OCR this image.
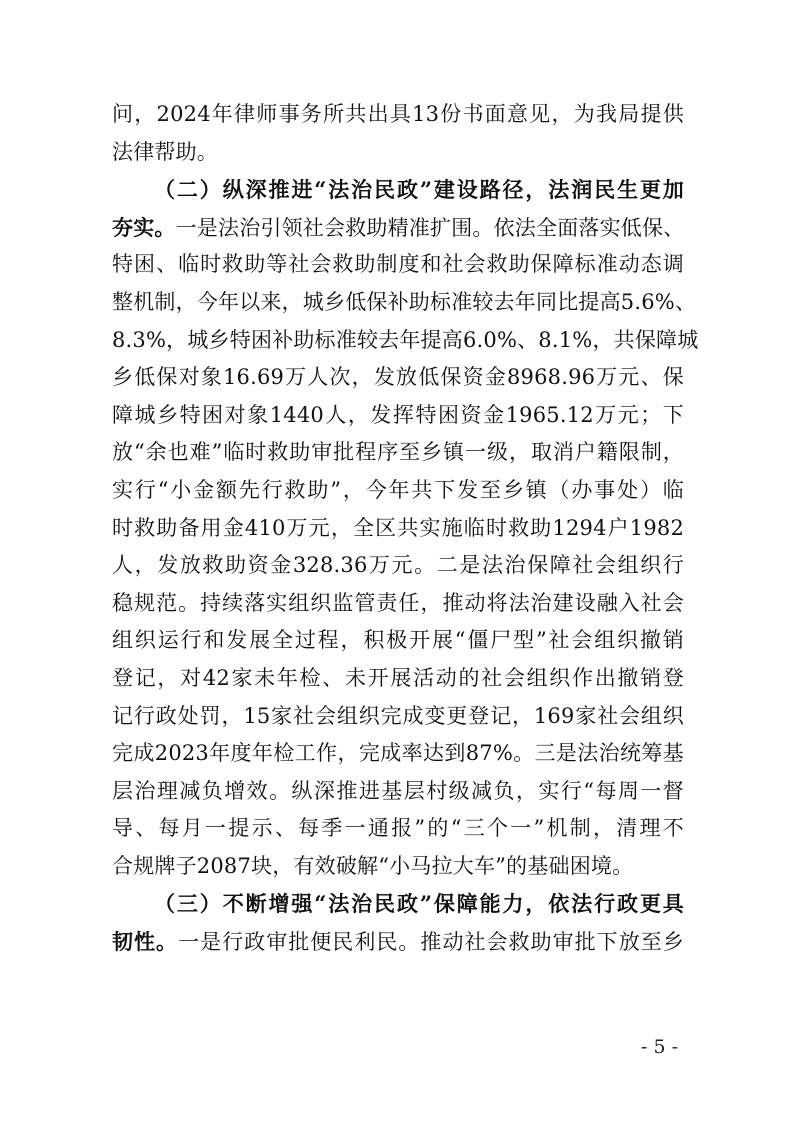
问，2024年律师事务所共出具13份书面意见，为我局提供
法律帮助。
（二）纵深推进“法治民政”建设路径，法润民生更加
夯实。一是法治引领社会救助精准扩围。依法全面落实低保、
特困、临时救助等社会救助制度和社会救助保障标准动态调
整机制，今年以来，城乡低保补助标准较去年同比提高5.6%、
8.3%，城乡特困补助标准较去年提高6.0%、8.1%，共保障城
乡低保对象16.69万人次，发放低保资金8968.96万元、保
障城乡特困对象1440人，发挥特困资金1965.12万元；下
放“余也难”临时救助审批程序至乡镇一级，取消户籍限制，
实行“小金额先行救助”，今年共下发至乡镇（办事处）临
时救助备用金410万元，全区共实施临时救助1294户1982
人，发放救助资金328.36万元。二是法治保障社会组织行
稳规范。持续落实组织监管责任，推动将法治建设融入社会
组织运行和发展全过程，积极开展“僵尸型”社会组织撤销
登记，对42家未年检、未开展活动的社会组织作出撤销登
记行政处罚，15家社会组织完成变更登记，169家社会组织
完成2023年度年检工作，完成率达到87%。三是法治统筹基
层治理减负增效。纵深推进基层村级减负，实行“每周一督
导、每月一提示、每季一通报”的“三个一”机制，清理不
合规牌子2087块，有效破解“小马拉大车”的基础困境。
（三）不断增强“法治民政”保障能力，依法行政更具
韧性。一是行政审批便民利民。推动社会救助审批下放至乡
- 5 -
